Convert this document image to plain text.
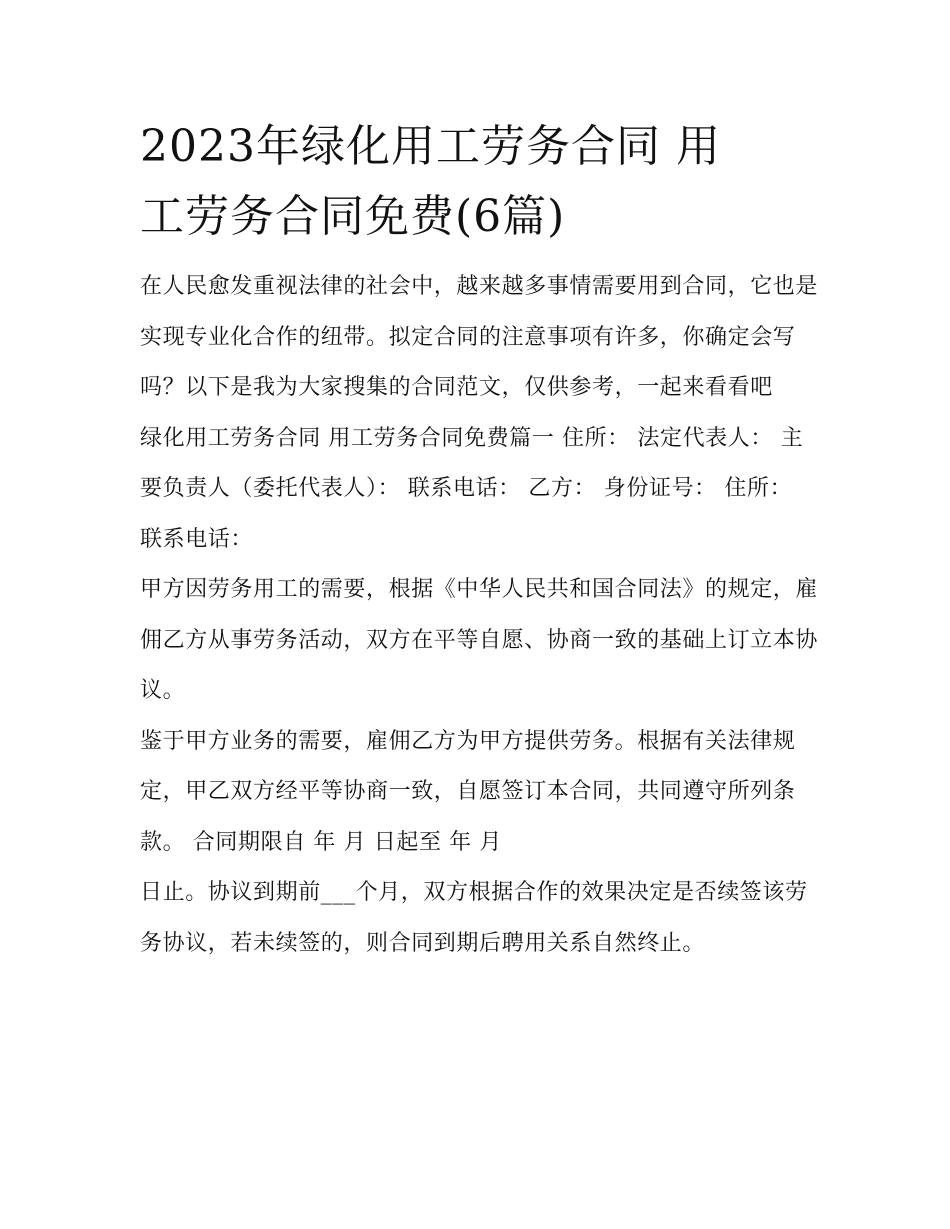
2023年绿化用工劳务合同 用
工劳务合同免费(6篇)

在人民愈发重视法律的社会中，越来越多事情需要用到合同，它也是实现专业化合作的纽带。拟定合同的注意事项有许多，你确定会写吗？以下是我为大家搜集的合同范文，仅供参考，一起来看看吧

绿化用工劳务合同 用工劳务合同免费篇一 住所： 法定代表人： 主要负责人（委托代表人）： 联系电话： 乙方： 身份证号： 住所： 联系电话：

甲方因劳务用工的需要，根据《中华人民共和国合同法》的规定，雇佣乙方从事劳务活动，双方在平等自愿、协商一致的基础上订立本协议。

鉴于甲方业务的需要，雇佣乙方为甲方提供劳务。根据有关法律规定，甲乙双方经平等协商一致，自愿签订本合同，共同遵守所列条款。 合同期限自 年 月 日起至 年 月

日止。协议到期前___个月，双方根据合作的效果决定是否续签该劳务协议，若未续签的，则合同到期后聘用关系自然终止。
